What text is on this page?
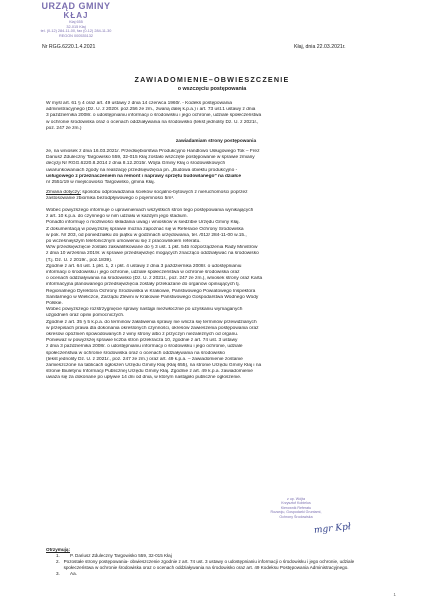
URZĄD GMINY
KŁAJ
Kłaj 655
32-015 Kłaj
tel. (0-12) 284-11-00, fax (0-12) 284-11-30
REGON 000535132
Nr RGG.6220.1.4.2021	Kłaj, dnia 22.03.2021r.
ZAWIADOMIENIE–OBWIESZCZENIE
o wszczęciu postępowania
W myśl art. 61 § 4 oraz art. 49 ustawy z dnia 14 czerwca 1960r. - Kodeks postępowania
administracyjnego (Dz. U. z 2020r. poz.256 ze zm., zwaną dalej k.p.a.) i art. 73 ust.1 ustawy z dnia
3 października 2008r. o udostępnianiu informacji o środowisku i jego ochronie, udziale społeczeństwa
w ochronie środowiska oraz o ocenach oddziaływania na środowisko (tekst jednolity Dz. U. z 2021r.,
poz. 247 ze zm.)
zawiadamiam strony postępowania
że, na wniosek z dnia 16.03.2021r. Przedsiębiorstwa Produkcyjno Handlowo Usługowego Tok – Frez
Dariusz Zduleczny Targowisko 559, 32-015 Kłaj zostało wszczęte postępowanie w sprawie zmiany
decyzji Nr RGG.6220.8.2014 z dnia 8.12.2015r. Wójta Gminy Kłaj o środowiskowych
uwarunkowaniach zgody na realizację przedsięwzięcia pn. „Budowa obiektu produkcyjno -
usługowego z przeznaczeniem na remont i naprawy sprzętu budowlanego" na działce
nr 2551/19 w miejscowości Targowisko, gmina Kłaj.
Zmiana dotyczy: sposobu odprowadzania ścieków socjalno-bytowych z nieruchomości poprzez
zastosowanie zbiornika bezodpływowego o pojemności 5m³.
Wobec powyższego informuje o uprawnieniach wszystkich stron tego postępowania wynikających
z art. 10 k.p.a. do czynnego w nim udziału w każdym jego stadium.
Ponadto informuję o możliwości składania uwag i wniosków w siedzibie Urzędu Gminy Kłaj.
Z dokumentacją w powyższej sprawie można zapoznać się w Referacie Ochrony Środowiska
w pok. Nr 203, od poniedziałku do piątku w godzinach urzędowania, tel. /012/ 284-11-00 w.15.,
po wcześniejszym telefonicznym umówieniu się z pracownikiem referatu.
W/w przedsięwzięcie zostało zakwalifikowane do § 3 ust. 1 pkt. 54b rozporządzenia Rady Ministrów
z dnia 10 września 2019r. w sprawie przedsięwzięć mogących znacząco oddziaływać na środowisko
(T.j. Dz. U. z 2019r., poz.1839).
Zgodnie z art. 64 ust. 1 pkt. 1, 2 i pkt. 4 ustawy z dnia 3 października 2008r. o udostępnianiu
informacji o środowisku i jego ochronie, udziale społeczeństwa w ochronie środowiska oraz
o ocenach oddziaływania na środowisko (Dz. U. z 2021r., poz. 247 ze zm.), wniosek strony oraz Karta
informacyjna planowanego przedsięwzięcia zostały przekazane do organów opiniujących tj.
Regionalnego Dyrektora Ochrony Środowiska w Krakowie, Państwowego Powiatowego Inspektora
Sanitarnego w Wieliczce, Zarządu Zlewni w Krakowie Państwowego Gospodarstwa Wodnego Wody
Polskie.
Wobec powyższego rozstrzygnięcie sprawy nastąpi niezwłocznie po uzyskaniu wymaganych
uzgodnień oraz opinii pomocniczych.
Zgodnie z art. 35 § 5 k.p.a. do terminów załatwienia sprawy nie wlicza się terminów przewidzianych
w przepisach prawa dla dokonania określonych czynności, okresów zawieszenia postępowania oraz
okresów opóźnień spowodowanych z winy strony albo z przyczyn niezależnych od organu.
Ponieważ w powyższej sprawie liczba stron przekracza 10, zgodnie z art. 74 ust. 3 ustawy
z dnia 3 października 2008r. o udostępnianiu informacji o środowisku i jego ochronie, udziale
społeczeństwa w ochronie środowiska oraz o ocenach oddziaływania na środowisko
(tekst jednolity Dz. U. z 2021r., poz. 247 ze zm.) oraz art. 49 k.p.a. – zawiadomienie zostanie
zamieszczone na tablicach ogłoszeń Urzędu Gminy Kłaj (Kłaj 655), na stronie Urzędu Gminy Kłaj i na
stronie Biuletynu Informacji Publicznej Urzędu Gminy Kłaj. Zgodnie z art. 49 k.p.a. zawiadomienie
uważa się za dokonane po upływie 14 dni od dnia, w którym nastąpiło publiczne ogłoszenie.
z up. Wójta
Krzysztof Kobielus
Kierownik Referatu
Rozwoju, Gospodarki Gruntami,
Ochrony Środowiska
mgr Kpł
Otrzymują:
1.	P. Dariusz Zduleczny Targowisko 559, 32-015 Kłaj
2. Pozostałe strony postępowania- obwieszczenie zgodnie z art. 74 ust. 3 ustawy o udostępnianiu informacji o środowisku i jego ochronie, udziale społeczeństwa w ochronie środowiska oraz o ocenach oddziaływania na środowisko oraz art. 49 Kodeksu Postępowania Administracyjnego.
3.	Aa.
1
